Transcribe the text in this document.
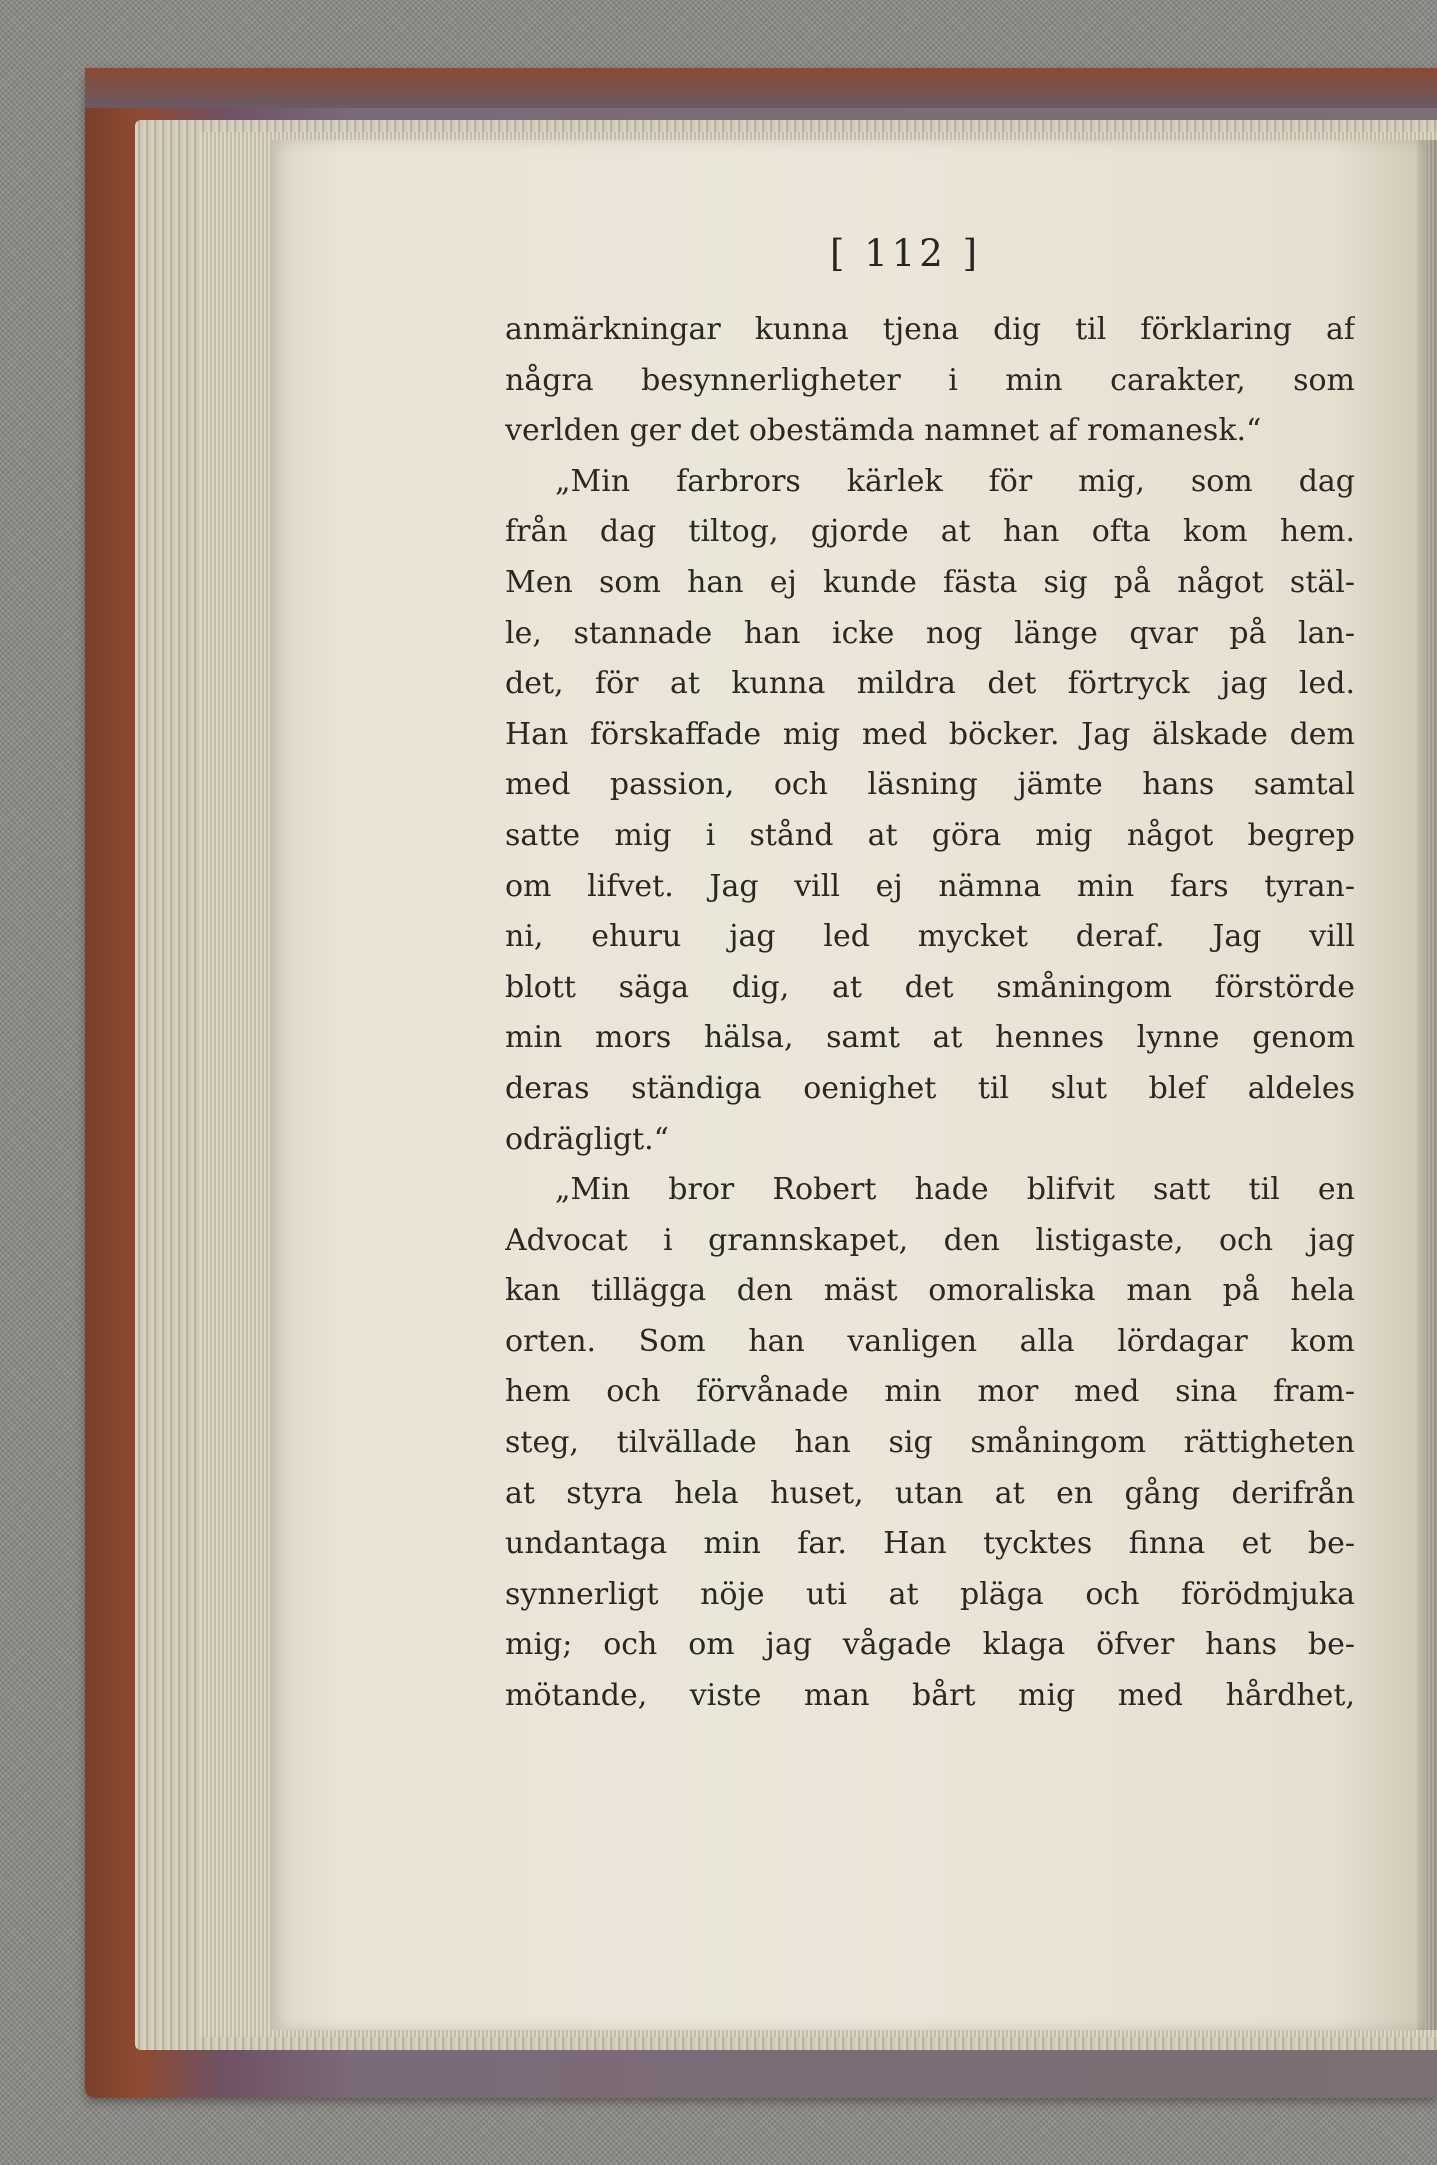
[ 112 ]
anmärkningar kunna tjena dig til förklaring af
några besynnerligheter i min carakter, som
verlden ger det obestämda namnet af romanesk.“
„Min farbrors kärlek för mig, som dag
från dag tiltog, gjorde at han ofta kom hem.
Men som han ej kunde fästa sig på något stäl-
le, stannade han icke nog länge qvar på lan-
det, för at kunna mildra det förtryck jag led.
Han förskaffade mig med böcker. Jag älskade dem
med passion, och läsning jämte hans samtal
satte mig i stånd at göra mig något begrep
om lifvet. Jag vill ej nämna min fars tyran-
ni, ehuru jag led mycket deraf. Jag vill
blott säga dig, at det småningom förstörde
min mors hälsa, samt at hennes lynne genom
deras ständiga oenighet til slut blef aldeles
odrägligt.“
„Min bror Robert hade blifvit satt til en
Advocat i grannskapet, den listigaste, och jag
kan tillägga den mäst omoraliska man på hela
orten. Som han vanligen alla lördagar kom
hem och förvånade min mor med sina fram-
steg, tilvällade han sig småningom rättigheten
at styra hela huset, utan at en gång derifrån
undantaga min far. Han tycktes finna et be-
synnerligt nöje uti at pläga och förödmjuka
mig; och om jag vågade klaga öfver hans be-
mötande, viste man bårt mig med hårdhet,
